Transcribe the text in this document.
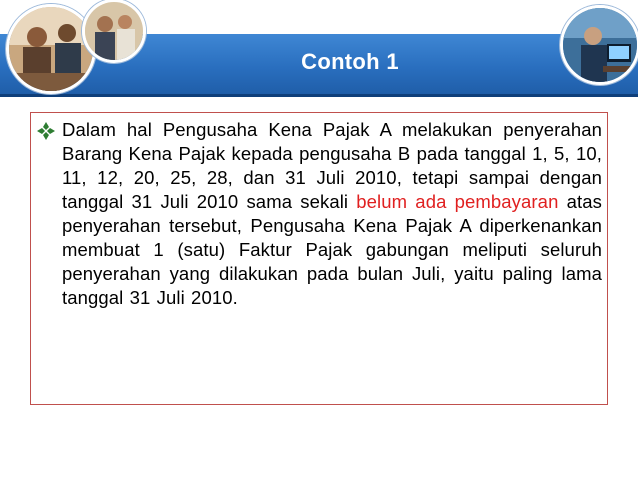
Contoh 1
Dalam hal Pengusaha Kena Pajak A melakukan penyerahan Barang Kena Pajak kepada pengusaha B pada tanggal 1, 5, 10, 11, 12, 20, 25, 28, dan 31 Juli 2010, tetapi sampai dengan tanggal 31 Juli 2010 sama sekali belum ada pembayaran atas penyerahan tersebut, Pengusaha Kena Pajak A diperkenankan membuat 1 (satu) Faktur Pajak gabungan meliputi seluruh penyerahan yang dilakukan pada bulan Juli, yaitu paling lama tanggal 31 Juli 2010.
